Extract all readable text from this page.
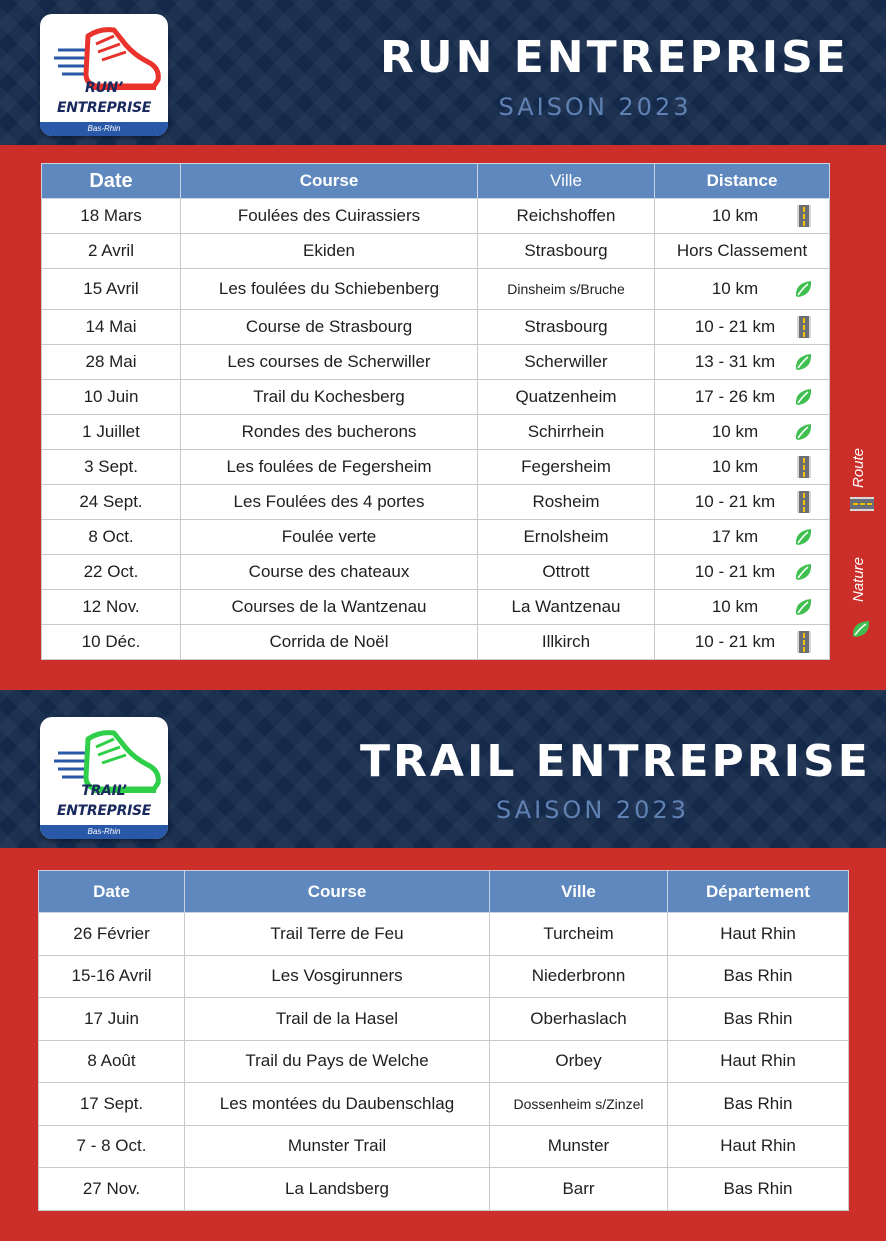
RUN’
ENTREPRISE
Bas-Rhin
RUN ENTREPRISE
SAISON 2023
Date	Course	Ville	Distance
18 Mars	Foulées des Cuirassiers	Reichshoffen	10 km

2 Avril	Ekiden	Strasbourg	Hors Classement
15 Avril	Les foulées du Schiebenberg	Dinsheim s/Bruche	10 km

14 Mai	Course de Strasbourg	Strasbourg	10 - 21 km

28 Mai	Les courses de Scherwiller	Scherwiller	13 - 31 km

10 Juin	Trail du Kochesberg	Quatzenheim	17 - 26 km

1 Juillet	Rondes des bucherons	Schirrhein	10 km

3 Sept.	Les foulées de Fegersheim	Fegersheim	10 km

24 Sept.	Les Foulées des 4 portes	Rosheim	10 - 21 km

8 Oct.	Foulée verte	Ernolsheim	17 km

22 Oct.	Course des chateaux	Ottrott	10 - 21 km

12 Nov.	Courses de la Wantzenau	La Wantzenau	10 km

10 Déc.	Corrida de Noël	Illkirch	10 - 21 km
Route
Nature
TRAIL’
ENTREPRISE
Bas-Rhin
TRAIL ENTREPRISE
SAISON 2023
Date	Course	Ville	Département
26 Février	Trail Terre de Feu	Turcheim	Haut Rhin
15-16 Avril	Les Vosgirunners	Niederbronn	Bas Rhin
17 Juin	Trail de la Hasel	Oberhaslach	Bas Rhin
8 Août	Trail du Pays de Welche	Orbey	Haut Rhin
17 Sept.	Les montées du Daubenschlag	Dossenheim s/Zinzel	Bas Rhin
7 - 8 Oct.	Munster Trail	Munster	Haut Rhin
27 Nov.	La Landsberg	Barr	Bas Rhin
